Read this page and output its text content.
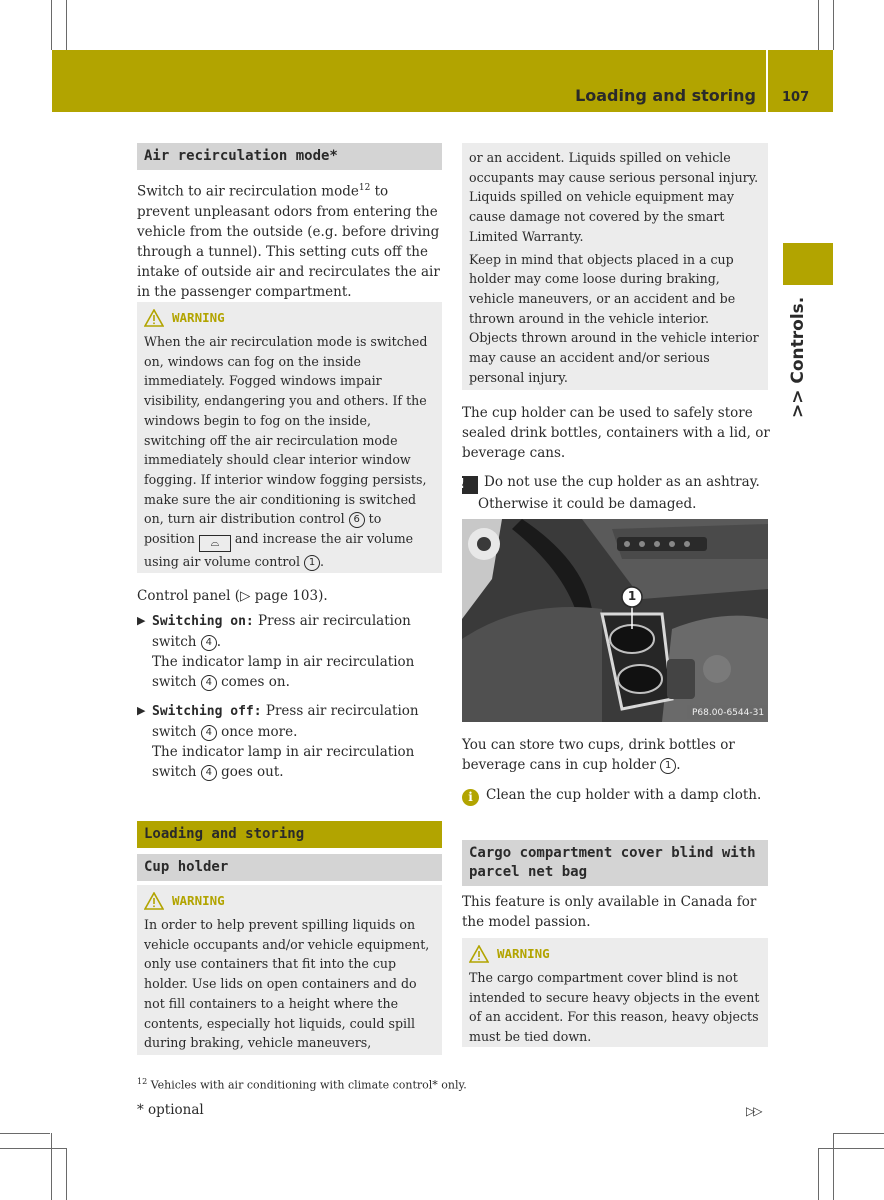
Loading and storing 107
>> Controls.
Air recirculation mode*
Switch to air recirculation mode$^{12}$ to prevent unpleasant odors from entering the vehicle from the outside (e.g. before driving through a tunnel). This setting cuts off the intake of outside air and recirculates the air in the passenger compartment.
WARNING
When the air recirculation mode is switched on, windows can fog on the inside immediately. Fogged windows impair visibility, endangering you and others. If the windows begin to fog on the inside, switching off the air recirculation mode immediately should clear interior window fogging. If interior window fogging persists, make sure the air conditioning is switched on, turn air distribution control 6 to position ⌓ and increase the air volume using air volume control 1 .
Control panel (▷ page 103).
▶ Switching on: Press air recirculation switch 4 .
The indicator lamp in air recirculation switch 4 comes on.
▶ Switching off: Press air recirculation switch 4 once more.
The indicator lamp in air recirculation switch 4 goes out.
Loading and storing
Cup holder
WARNING
In order to help prevent spilling liquids on vehicle occupants and/or vehicle equipment, only use containers that fit into the cup holder. Use lids on open containers and do not fill containers to a height where the contents, especially hot liquids, could spill during braking, vehicle maneuvers,
or an accident. Liquids spilled on vehicle occupants may cause serious personal injury. Liquids spilled on vehicle equipment may cause damage not covered by the smart Limited Warranty.
Keep in mind that objects placed in a cup holder may come loose during braking, vehicle maneuvers, or an accident and be thrown around in the vehicle interior. Objects thrown around in the vehicle interior may cause an accident and/or serious personal injury.
The cup holder can be used to safely store sealed drink bottles, containers with a lid, or beverage cans.
! Do not use the cup holder as an ashtray. Otherwise it could be damaged.
1
P68.00-6544-31
You can store two cups, drink bottles or beverage cans in cup holder 1 .
i Clean the cup holder with a damp cloth.
Cargo compartment cover blind with parcel net bag
This feature is only available in Canada for the model passion.
WARNING
The cargo compartment cover blind is not intended to secure heavy objects in the event of an accident. For this reason, heavy objects must be tied down.
$^{12}$ Vehicles with air conditioning with climate control* only.
* optional	▷▷
